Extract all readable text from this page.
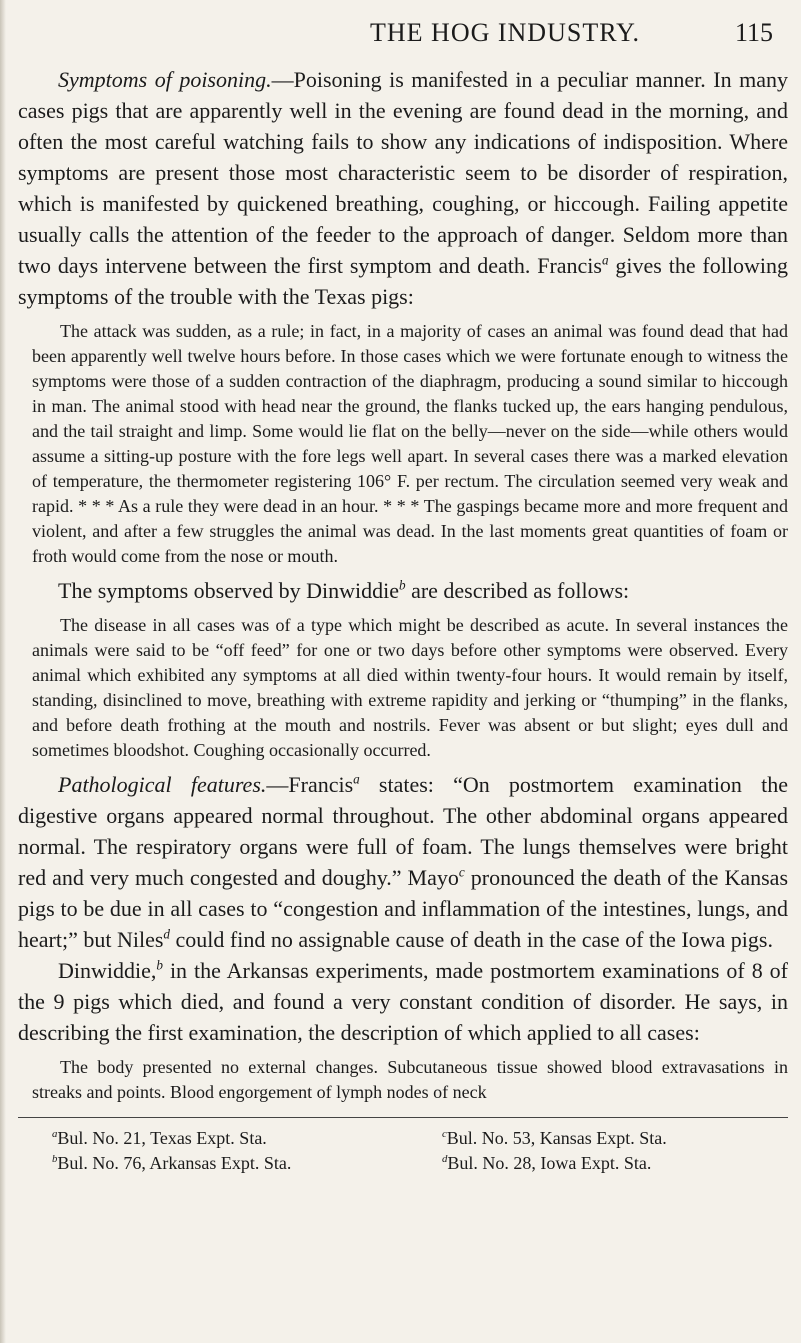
THE HOG INDUSTRY.	115

Symptoms of poisoning.—Poisoning is manifested in a peculiar manner. In many cases pigs that are apparently well in the evening are found dead in the morning, and often the most careful watching fails to show any indications of indisposition. Where symptoms are present those most characteristic seem to be disorder of respiration, which is manifested by quickened breathing, coughing, or hiccough. Failing appetite usually calls the attention of the feeder to the approach of danger. Seldom more than two days intervene between the first symptom and death. Francis$^a$ gives the following symptoms of the trouble with the Texas pigs:

The attack was sudden, as a rule; in fact, in a majority of cases an animal was found dead that had been apparently well twelve hours before. In those cases which we were fortunate enough to witness the symptoms were those of a sudden contraction of the diaphragm, producing a sound similar to hiccough in man. The animal stood with head near the ground, the flanks tucked up, the ears hanging pendulous, and the tail straight and limp. Some would lie flat on the belly—never on the side—while others would assume a sitting-up posture with the fore legs well apart. In several cases there was a marked elevation of temperature, the thermometer registering 106° F. per rectum. The circulation seemed very weak and rapid. * * * As a rule they were dead in an hour. * * * The gaspings became more and more frequent and violent, and after a few struggles the animal was dead. In the last moments great quantities of foam or froth would come from the nose or mouth.

The symptoms observed by Dinwiddie$^b$ are described as follows:

The disease in all cases was of a type which might be described as acute. In several instances the animals were said to be “off feed” for one or two days before other symptoms were observed. Every animal which exhibited any symptoms at all died within twenty-four hours. It would remain by itself, standing, disinclined to move, breathing with extreme rapidity and jerking or “thumping” in the flanks, and before death frothing at the mouth and nostrils. Fever was absent or but slight; eyes dull and sometimes bloodshot. Coughing occasionally occurred.

Pathological features.—Francis$^a$ states: “On postmortem examination the digestive organs appeared normal throughout. The other abdominal organs appeared normal. The respiratory organs were full of foam. The lungs themselves were bright red and very much congested and doughy.” Mayo$^c$ pronounced the death of the Kansas pigs to be due in all cases to “congestion and inflammation of the intestines, lungs, and heart;” but Niles$^d$ could find no assignable cause of death in the case of the Iowa pigs.

Dinwiddie,$^b$ in the Arkansas experiments, made postmortem examinations of 8 of the 9 pigs which died, and found a very constant condition of disorder. He says, in describing the first examination, the description of which applied to all cases:

The body presented no external changes. Subcutaneous tissue showed blood extravasations in streaks and points. Blood engorgement of lymph nodes of neck

$^a$Bul. No. 21, Texas Expt. Sta.	$^c$Bul. No. 53, Kansas Expt. Sta.
$^b$Bul. No. 76, Arkansas Expt. Sta.	$^d$Bul. No. 28, Iowa Expt. Sta.
